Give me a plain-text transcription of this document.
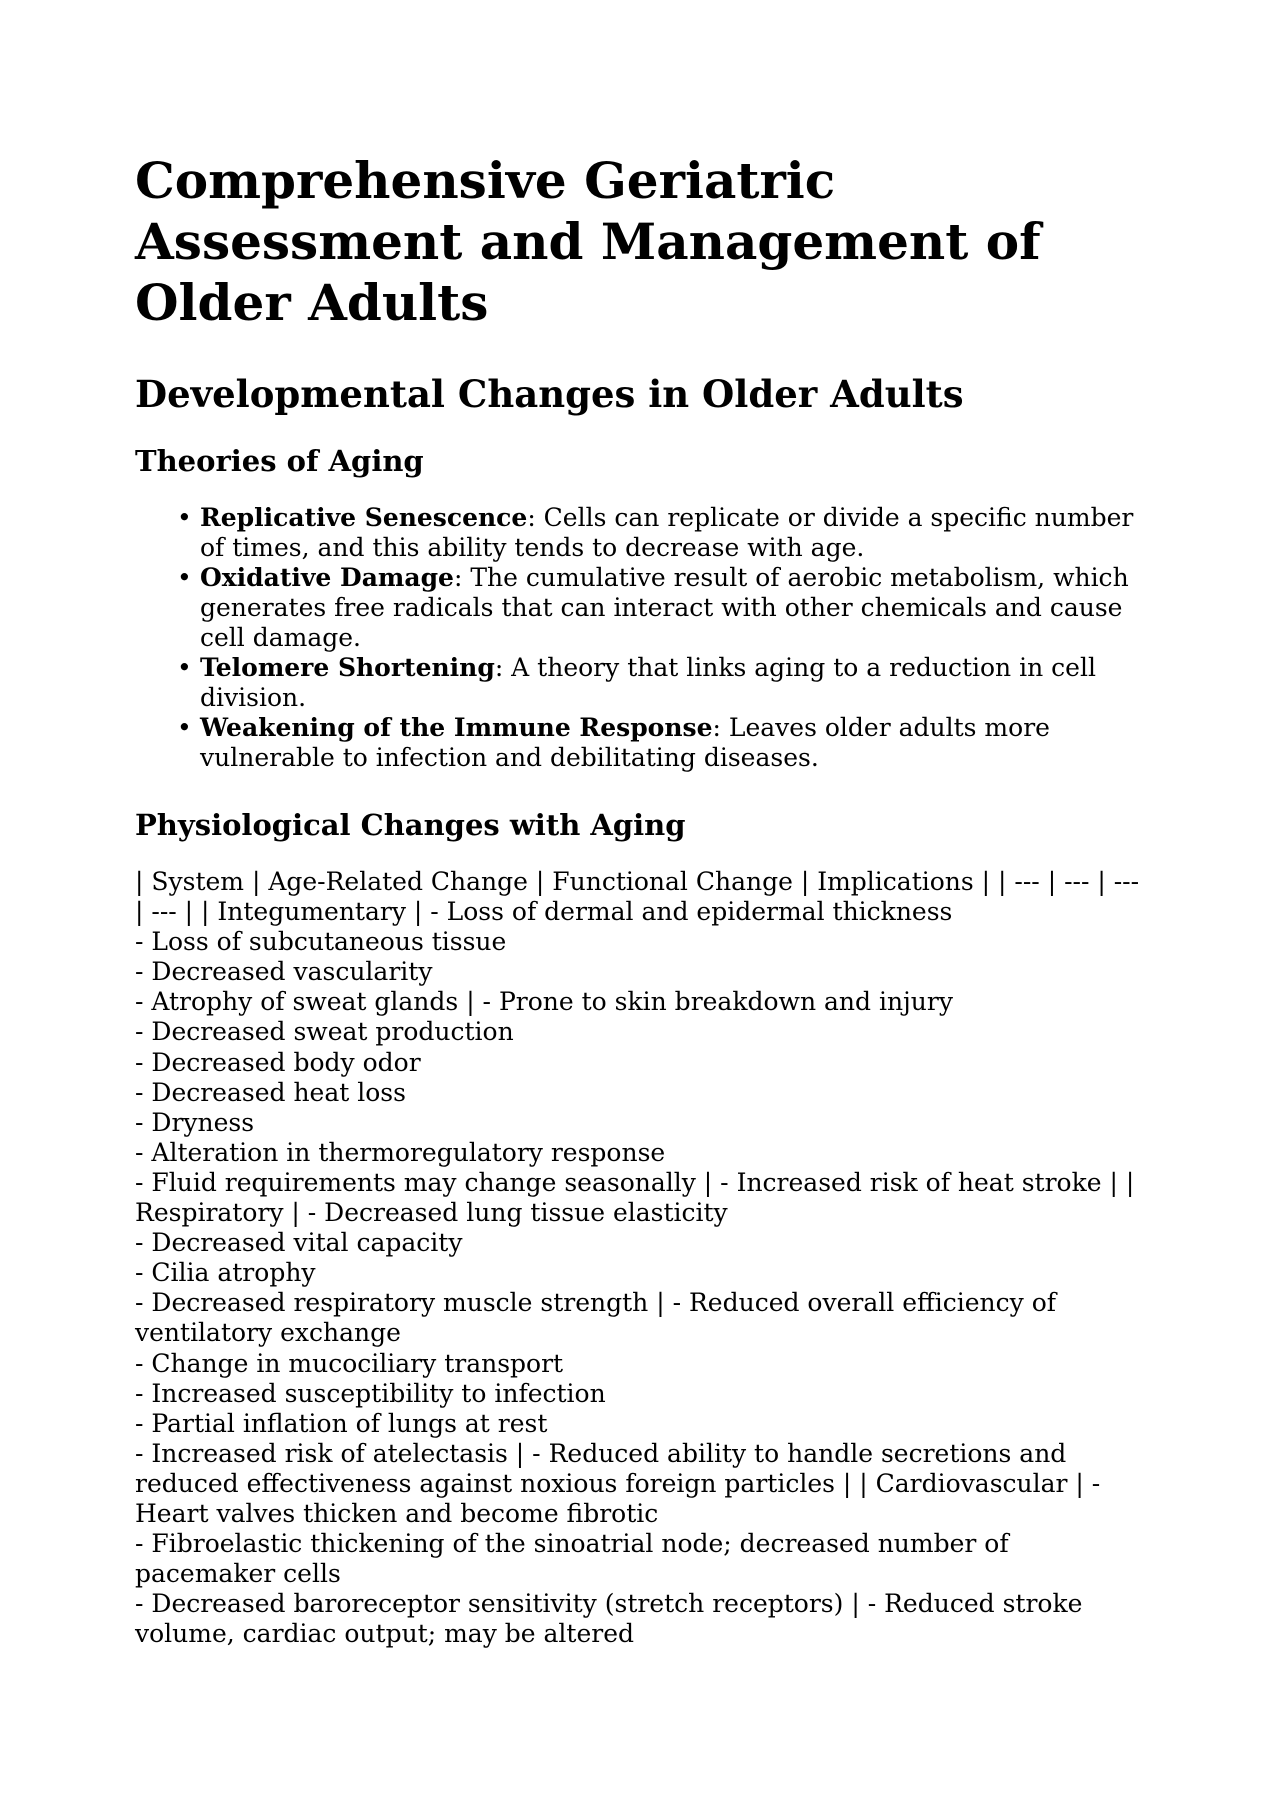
Comprehensive Geriatric Assessment and Management of Older Adults
Developmental Changes in Older Adults
Theories of Aging
• Replicative Senescence: Cells can replicate or divide a specific number of times, and this ability tends to decrease with age.
• Oxidative Damage: The cumulative result of aerobic metabolism, which generates free radicals that can interact with other chemicals and cause cell damage.
• Telomere Shortening: A theory that links aging to a reduction in cell division.
• Weakening of the Immune Response: Leaves older adults more vulnerable to infection and debilitating diseases.
Physiological Changes with Aging

| System | Age-Related Change | Functional Change | Implications | | --- | --- | --- | --- | | Integumentary | - Loss of dermal and epidermal thickness
- Loss of subcutaneous tissue
- Decreased vascularity
- Atrophy of sweat glands | - Prone to skin breakdown and injury
- Decreased sweat production
- Decreased body odor
- Decreased heat loss
- Dryness
- Alteration in thermoregulatory response
- Fluid requirements may change seasonally | - Increased risk of heat stroke | | Respiratory | - Decreased lung tissue elasticity
- Decreased vital capacity
- Cilia atrophy
- Decreased respiratory muscle strength | - Reduced overall efficiency of ventilatory exchange
- Change in mucociliary transport
- Increased susceptibility to infection
- Partial inflation of lungs at rest
- Increased risk of atelectasis | - Reduced ability to handle secretions and reduced effectiveness against noxious foreign particles | | Cardiovascular | - Heart valves thicken and become fibrotic
- Fibroelastic thickening of the sinoatrial node; decreased number of pacemaker cells
- Decreased baroreceptor sensitivity (stretch receptors) | - Reduced stroke volume, cardiac output; may be altered
